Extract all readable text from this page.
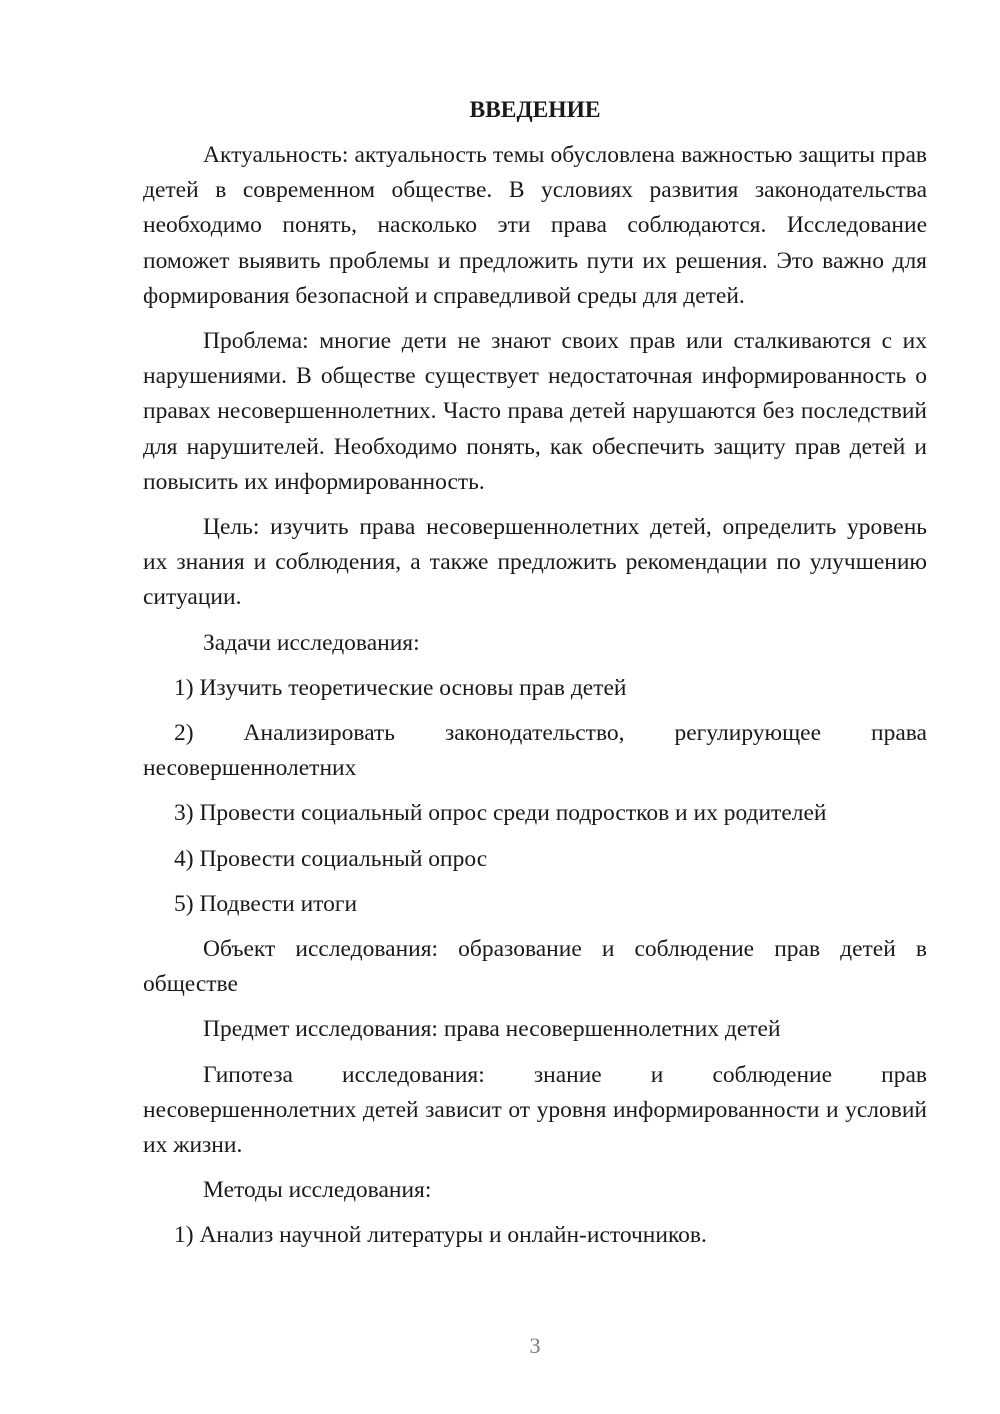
ВВЕДЕНИЕ
Актуальность: актуальность темы обусловлена важностью защиты прав детей в современном обществе. В условиях развития законодательства необходимо понять, насколько эти права соблюдаются. Исследование поможет выявить проблемы и предложить пути их решения. Это важно для формирования безопасной и справедливой среды для детей.
Проблема: многие дети не знают своих прав или сталкиваются с их нарушениями. В обществе существует недостаточная информированность о правах несовершеннолетних. Часто права детей нарушаются без последствий для нарушителей. Необходимо понять, как обеспечить защиту прав детей и повысить их информированность.
Цель: изучить права несовершеннолетних детей, определить уровень их знания и соблюдения, а также предложить рекомендации по улучшению ситуации.
Задачи исследования:
1) Изучить теоретические основы прав детей
2) Анализировать законодательство, регулирующее права несовершеннолетних
3) Провести социальный опрос среди подростков и их родителей
4) Провести социальный опрос
5) Подвести итоги
Объект исследования: образование и соблюдение прав детей в обществе
Предмет исследования: права несовершеннолетних детей
Гипотеза исследования: знание и соблюдение прав несовершеннолетних детей зависит от уровня информированности и условий их жизни.
Методы исследования:
1) Анализ научной литературы и онлайн-источников.
3
